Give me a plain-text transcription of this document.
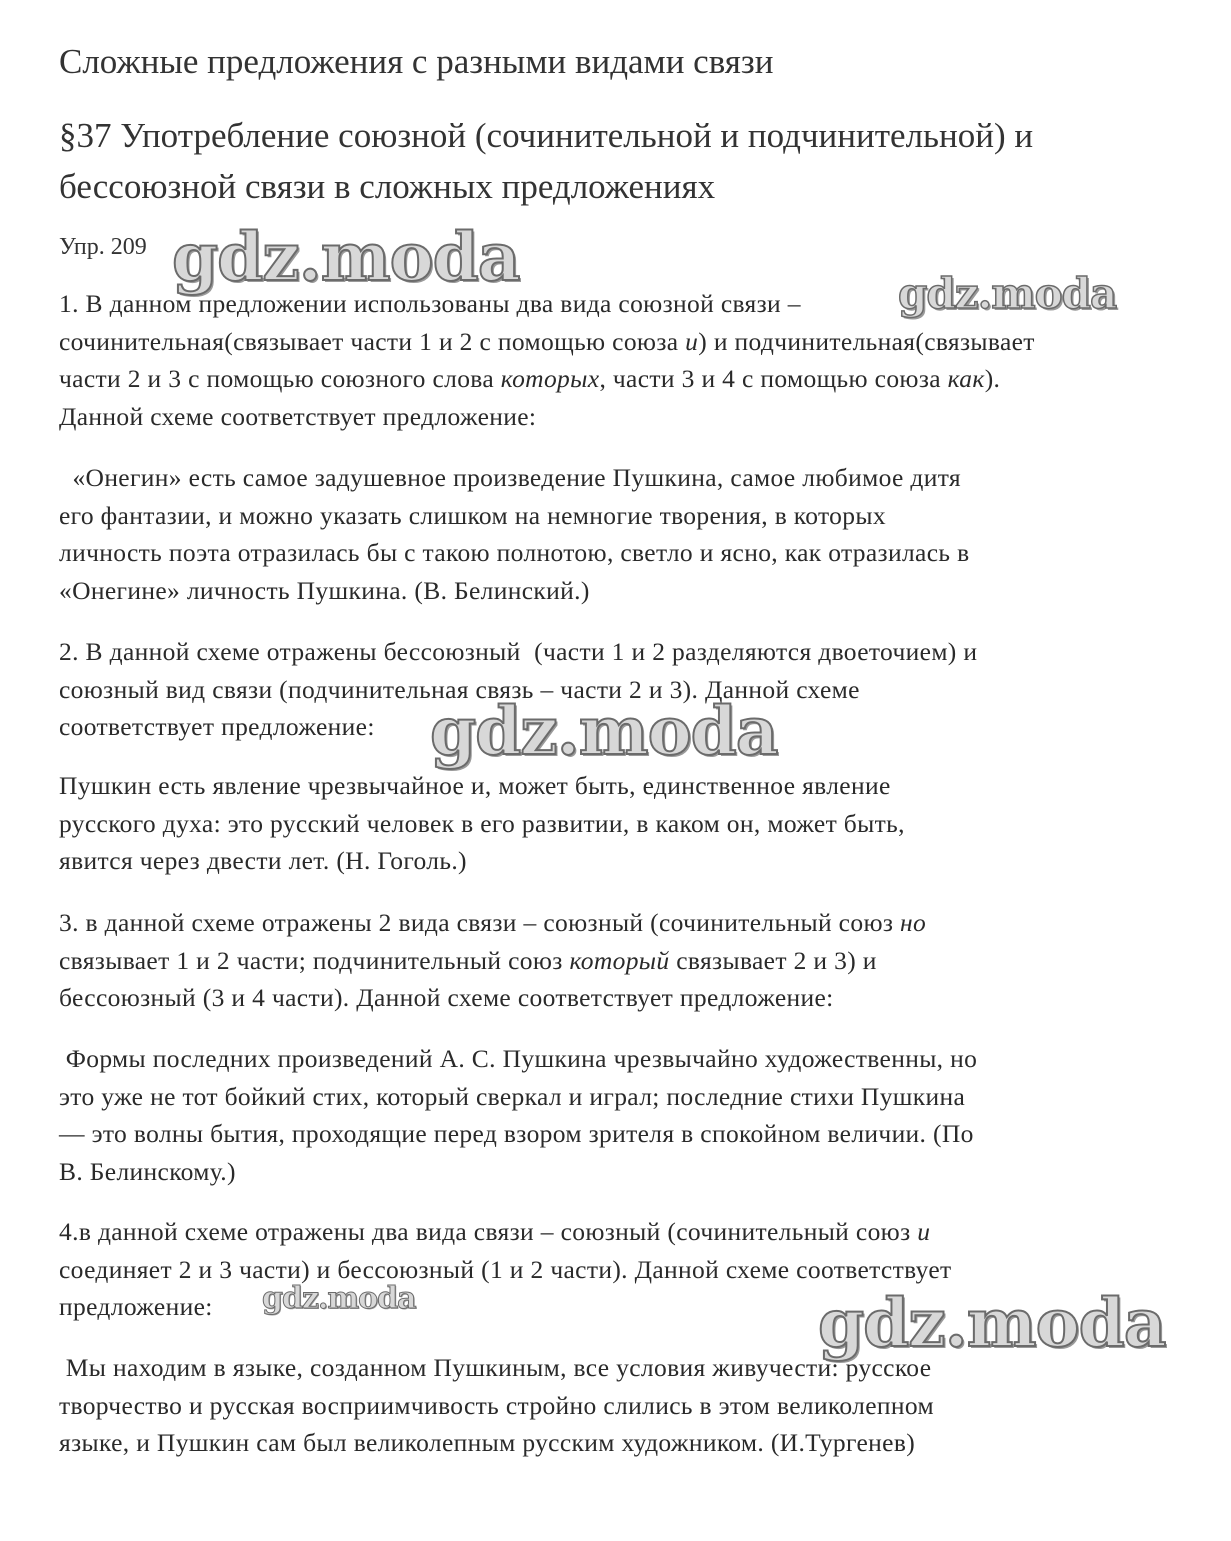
Сложные предложения с разными видами связи
§37 Употребление союзной (сочинительной и подчинительной) и
бессоюзной связи в сложных предложениях
Упр. 209
1. В данном предложении использованы два вида союзной связи –
сочинительная(связывает части 1 и 2 с помощью союза и) и подчинительная(связывает
части 2 и 3 с помощью союзного слова которых, части 3 и 4 с помощью союза как).
Данной схеме соответствует предложение:
«Онегин» есть самое задушевное произведение Пушкина, самое любимое дитя
его фантазии, и можно указать слишком на немногие творения, в которых
личность поэта отразилась бы с такою полнотою, светло и ясно, как отразилась в
«Онегине» личность Пушкина. (В. Белинский.)
2. В данной схеме отражены бессоюзный  (части 1 и 2 разделяются двоеточием) и
союзный вид связи (подчинительная связь – части 2 и 3). Данной схеме
соответствует предложение:
Пушкин есть явление чрезвычайное и, может быть, единственное явление
русского духа: это русский человек в его развитии, в каком он, может быть,
явится через двести лет. (Н. Гоголь.)
3. в данной схеме отражены 2 вида связи – союзный (сочинительный союз но
связывает 1 и 2 части; подчинительный союз который связывает 2 и 3) и
бессоюзный (3 и 4 части). Данной схеме соответствует предложение:
Формы последних произведений А. С. Пушкина чрезвычайно художественны, но
это уже не тот бойкий стих, который сверкал и играл; последние стихи Пушкина
— это волны бытия, проходящие перед взором зрителя в спокойном величии. (По
В. Белинскому.)
4.в данной схеме отражены два вида связи – союзный (сочинительный союз и
соединяет 2 и 3 части) и бессоюзный (1 и 2 части). Данной схеме соответствует
предложение:
Мы находим в языке, созданном Пушкиным, все условия живучести: русское
творчество и русская восприимчивость стройно слились в этом великолепном
языке, и Пушкин сам был великолепным русским художником. (И.Тургенев)
gdz.moda	gdz.moda
gdz.moda
gdz.moda	gdz.moda
